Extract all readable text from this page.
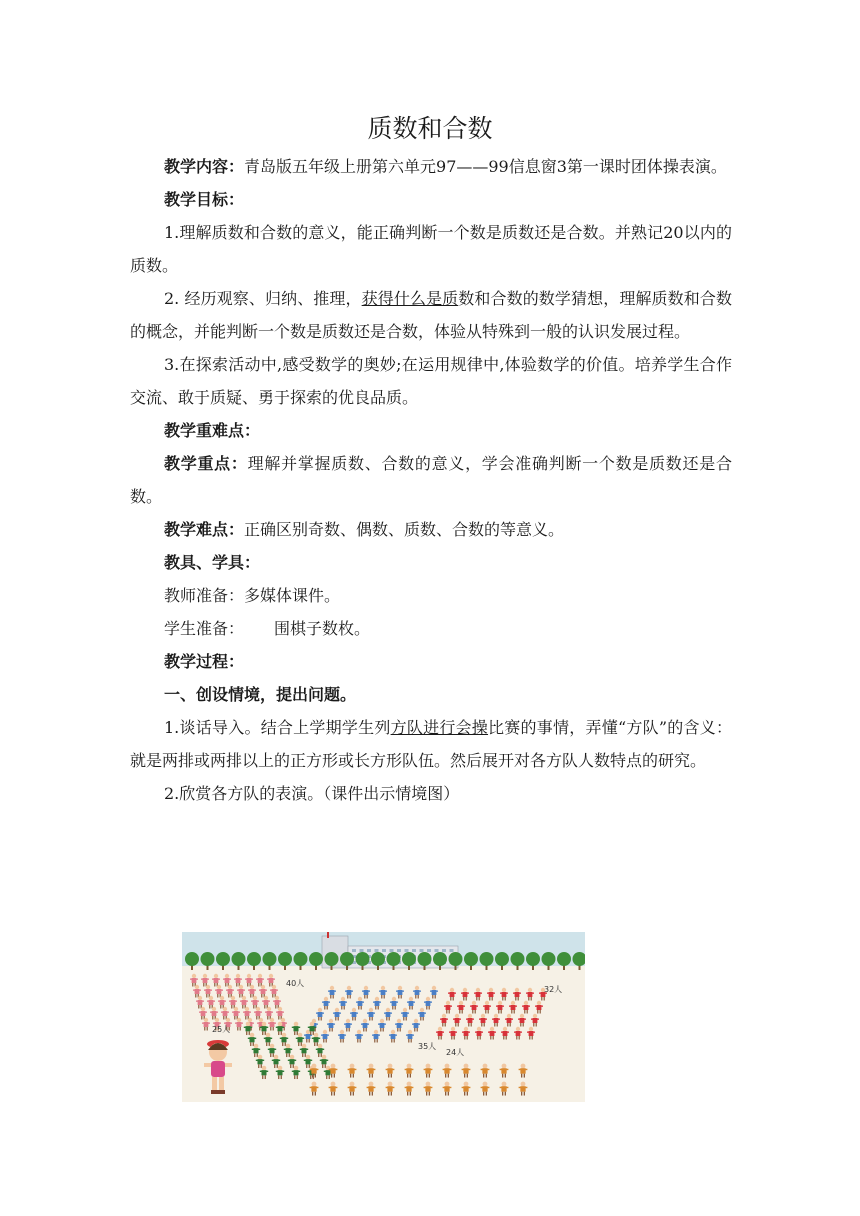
质数和合数

教学内容：青岛版五年级上册第六单元97——99信息窗3第一课时团体操表演。

教学目标：

1.理解质数和合数的意义，能正确判断一个数是质数还是合数。并熟记20以内的质数。

2. 经历观察、归纳、推理，获得什么是质数和合数的数学猜想，理解质数和合数的概念，并能判断一个数是质数还是合数，体验从特殊到一般的认识发展过程。

3.在探索活动中,感受数学的奥妙;在运用规律中,体验数学的价值。培养学生合作交流、敢于质疑、勇于探索的优良品质。

教学重难点：

教学重点：理解并掌握质数、合数的意义，学会准确判断一个数是质数还是合数。

教学难点：正确区别奇数、偶数、质数、合数的等意义。

教具、学具：

教师准备：多媒体课件。

学生准备： 围棋子数枚。

教学过程：

一、创设情境，提出问题。

1.谈话导入。结合上学期学生列方队进行会操比赛的事情，弄懂“方队”的含义：就是两排或两排以上的正方形或长方形队伍。然后展开对各方队人数特点的研究。

2.欣赏各方队的表演。（课件出示情境图）

40人
32人
25人
35人
24人
